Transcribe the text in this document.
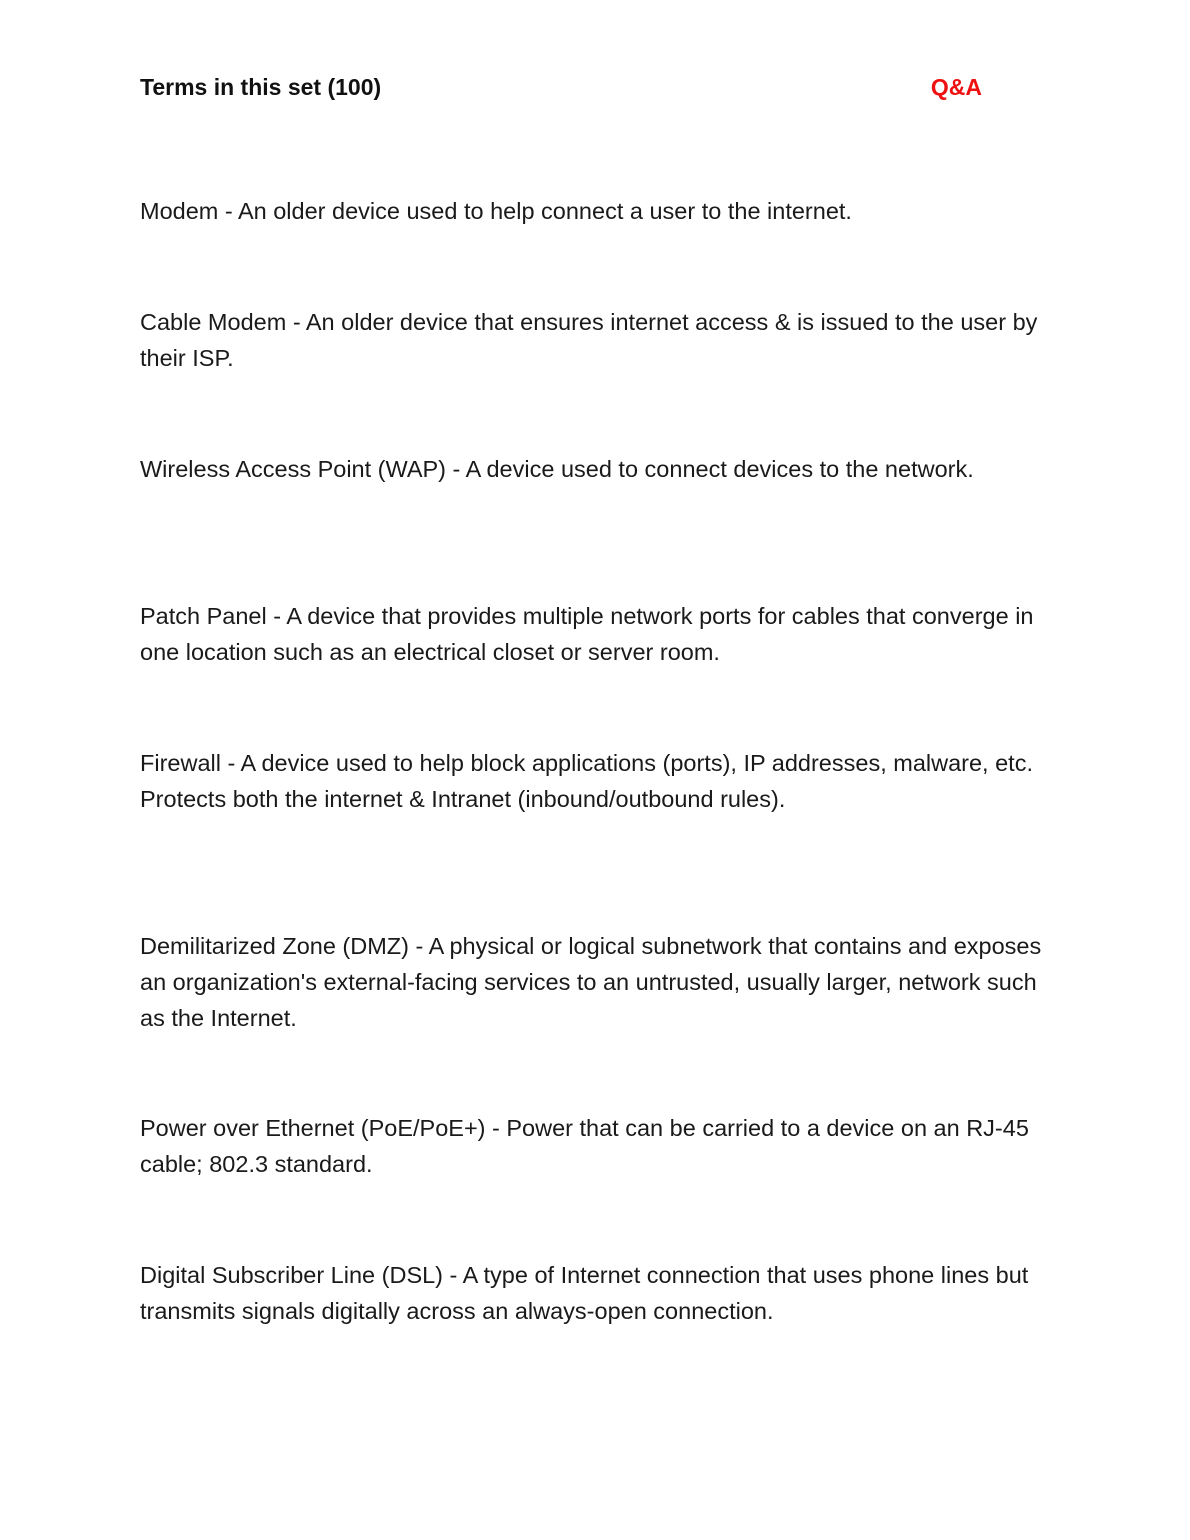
Terms in this set (100)	Q&A

Modem - An older device used to help connect a user to the internet.

Cable Modem - An older device that ensures internet access & is issued to the user by their ISP.

Wireless Access Point (WAP) - A device used to connect devices to the network.

Patch Panel - A device that provides multiple network ports for cables that converge in one location such as an electrical closet or server room.

Firewall - A device used to help block applications (ports), IP addresses, malware, etc. Protects both the internet & Intranet (inbound/outbound rules).

Demilitarized Zone (DMZ) - A physical or logical subnetwork that contains and exposes an organization's external-facing services to an untrusted, usually larger, network such as the Internet.

Power over Ethernet (PoE/PoE+) - Power that can be carried to a device on an RJ-45 cable; 802.3 standard.

Digital Subscriber Line (DSL) - A type of Internet connection that uses phone lines but transmits signals digitally across an always-open connection.
